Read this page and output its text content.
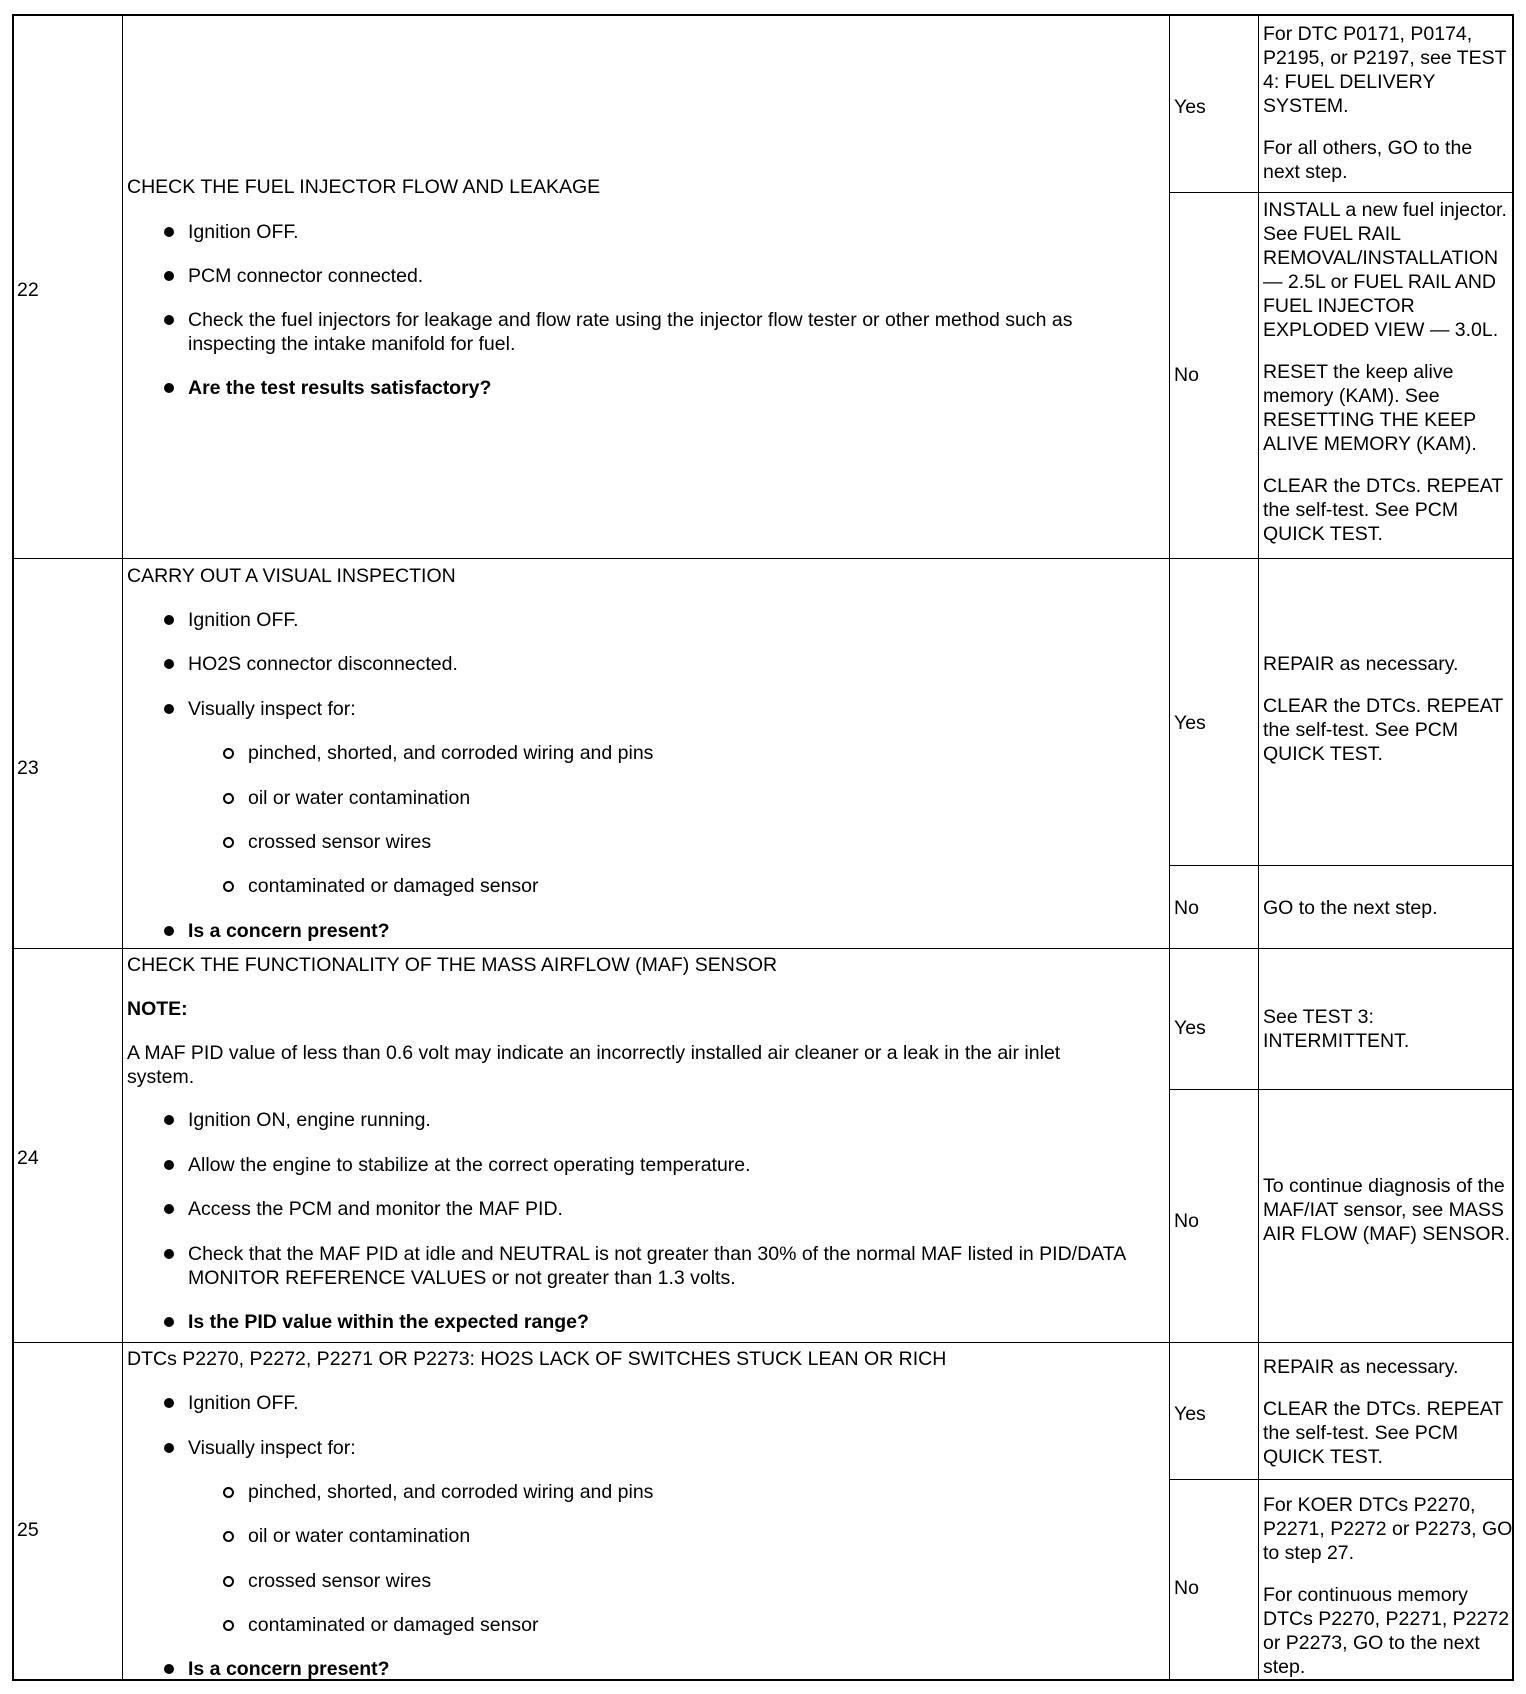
22
CHECK THE FUEL INJECTOR FLOW AND LEAKAGE
Ignition OFF.
PCM connector connected.
Check the fuel injectors for leakage and flow rate using the injector flow tester or other method such as inspecting the intake manifold for fuel.
Are the test results satisfactory?
Yes

For DTC P0171, P0174, P2195, or P2197, see TEST 4: FUEL DELIVERY SYSTEM.

For all others, GO to the next step.

No

INSTALL a new fuel injector. See FUEL RAIL REMOVAL/INSTALLATION — 2.5L or FUEL RAIL AND FUEL INJECTOR EXPLODED VIEW — 3.0L.

RESET the keep alive memory (KAM). See RESETTING THE KEEP ALIVE MEMORY (KAM).

CLEAR the DTCs. REPEAT the self-test. See PCM QUICK TEST.

23
CARRY OUT A VISUAL INSPECTION
Ignition OFF.
HO2S connector disconnected.
Visually inspect for:
pinched, shorted, and corroded wiring and pins
oil or water contamination
crossed sensor wires
contaminated or damaged sensor
Is a concern present?
Yes

REPAIR as necessary.

CLEAR the DTCs. REPEAT the self-test. See PCM QUICK TEST.

No	GO to the next step.

24
CHECK THE FUNCTIONALITY OF THE MASS AIRFLOW (MAF) SENSOR
NOTE:
A MAF PID value of less than 0.6 volt may indicate an incorrectly installed air cleaner or a leak in the air inlet system.
Ignition ON, engine running.
Allow the engine to stabilize at the correct operating temperature.
Access the PCM and monitor the MAF PID.
Check that the MAF PID at idle and NEUTRAL is not greater than 30% of the normal MAF listed in PID/DATA MONITOR REFERENCE VALUES or not greater than 1.3 volts.
Is the PID value within the expected range?
Yes	See TEST 3: INTERMITTENT.

No

To continue diagnosis of the MAF/IAT sensor, see MASS AIR FLOW (MAF) SENSOR.

25
DTCs P2270, P2272, P2271 OR P2273: HO2S LACK OF SWITCHES STUCK LEAN OR RICH
Ignition OFF.
Visually inspect for:
pinched, shorted, and corroded wiring and pins
oil or water contamination
crossed sensor wires
contaminated or damaged sensor
Is a concern present?
Yes

REPAIR as necessary.

CLEAR the DTCs. REPEAT the self-test. See PCM QUICK TEST.

No

For KOER DTCs P2270, P2271, P2272 or P2273, GO to step 27.

For continuous memory DTCs P2270, P2271, P2272 or P2273, GO to the next step.
